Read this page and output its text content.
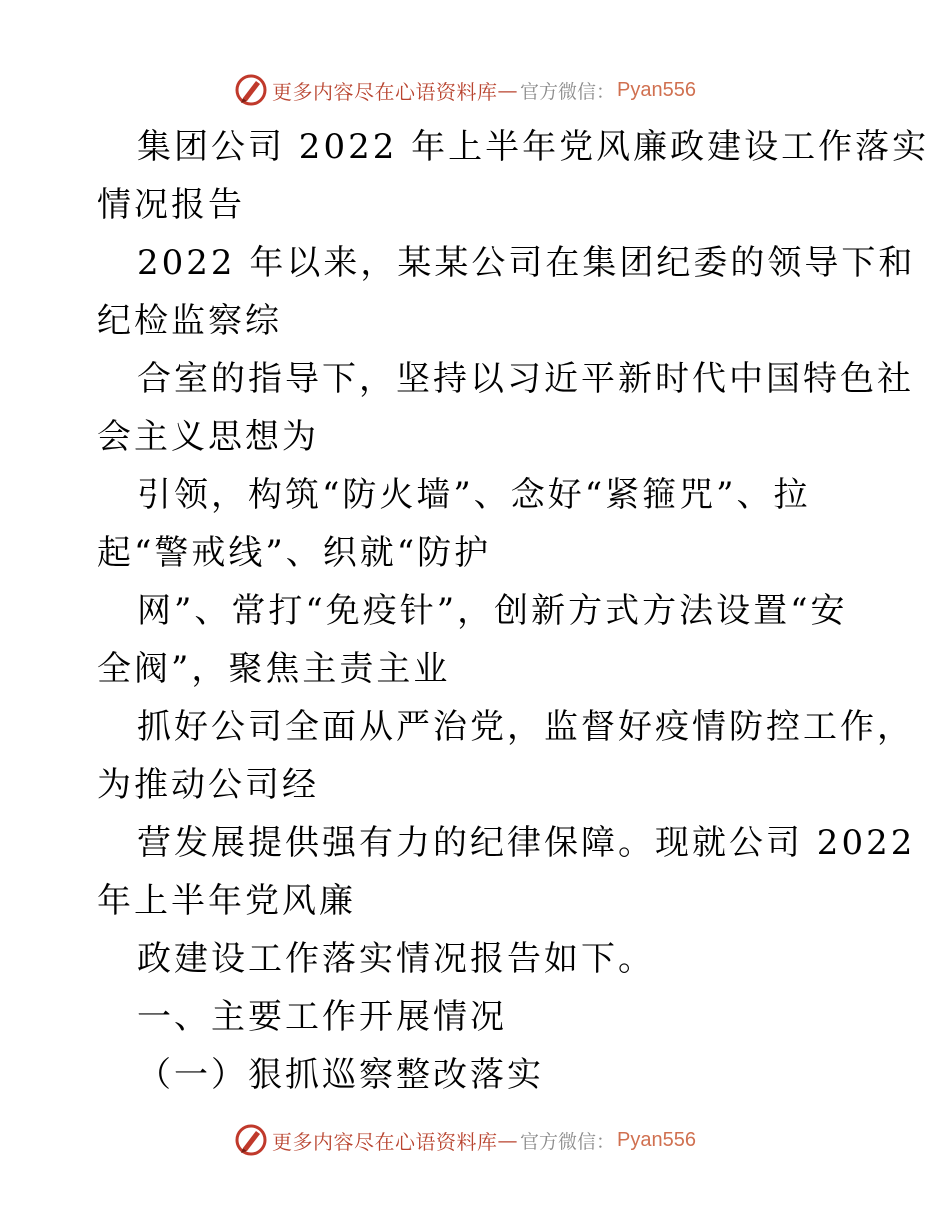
更多内容尽在心语资料库 — 官方微信： Pyan556

集团公司 2022 年上半年党风廉政建设工作落实
情况报告

2022 年以来，某某公司在集团纪委的领导下和
纪检监察综

合室的指导下，坚持以习近平新时代中国特色社
会主义思想为

引领，构筑“防火墙”、念好“紧箍咒”、拉
起“警戒线”、织就“防护

网”、常打“免疫针”，创新方式方法设置“安
全阀”，聚焦主责主业

抓好公司全面从严治党，监督好疫情防控工作，
为推动公司经

营发展提供强有力的纪律保障。现就公司 2022
年上半年党风廉

政建设工作落实情况报告如下。

一、主要工作开展情况

（一）狠抓巡察整改落实

更多内容尽在心语资料库 — 官方微信： Pyan556
